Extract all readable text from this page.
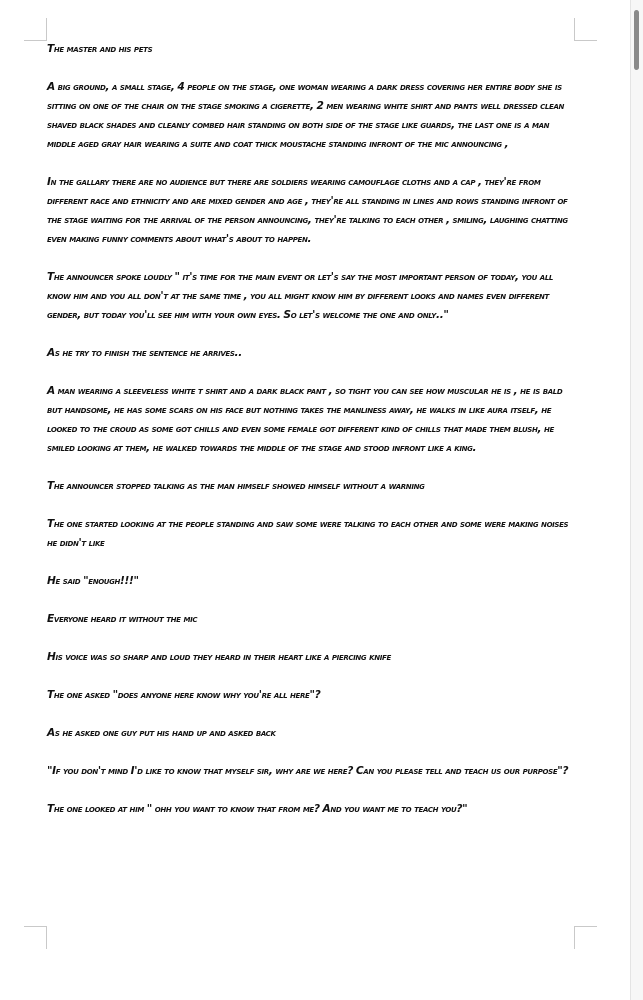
The master and his pets

A big ground, a small stage, 4 people on the stage, one woman wearing a dark dress covering her entire body she is sitting on one of the chair on the stage smoking a cigerette, 2 men wearing white shirt and pants well dressed clean shaved black shades and cleanly combed hair standing on both side of the stage like guards, the last one is a man middle aged gray hair wearing a suite and coat thick moustache standing infront of the mic announcing ,

In the gallary there are no audience but there are soldiers wearing camouflage cloths and a cap , they're from different race and ethnicity and are mixed gender and age , they're all standing in lines and rows standing infront of the stage waiting for the arrival of the person announcing, they're talking to each other , smiling, laughing chatting even making funny comments about what's about to happen.

The announcer spoke loudly " it's time for the main event or let's say the most important person of today, you all know him and you all don't at the same time , you all might know him by different looks and names even different gender, but today you'll see him with your own eyes. So let's welcome the one and only.."

As he try to finish the sentence he arrives..

A man wearing a sleeveless white t shirt and a dark black pant , so tight you can see how muscular he is , he is bald but handsome, he has some scars on his face but nothing takes the manliness away, he walks in like aura itself, he looked to the croud as some got chills and even some female got different kind of chills that made them blush, he smiled looking at them, he walked towards the middle of the stage and stood infront like a king.

The announcer stopped talking as the man himself showed himself without a warning

The one started looking at the people standing and saw some were talking to each other and some were making noises he didn't like

He said "enough!!!"

Everyone heard it without the mic

His voice was so sharp and loud they heard in their heart like a piercing knife

The one asked "does anyone here know why you're all here"?

As he asked one guy put his hand up and asked back

"If you don't mind I'd like to know that myself sir, why are we here? Can you please tell and teach us our purpose"?

The one looked at him " ohh you want to know that from me? And you want me to teach you?"
